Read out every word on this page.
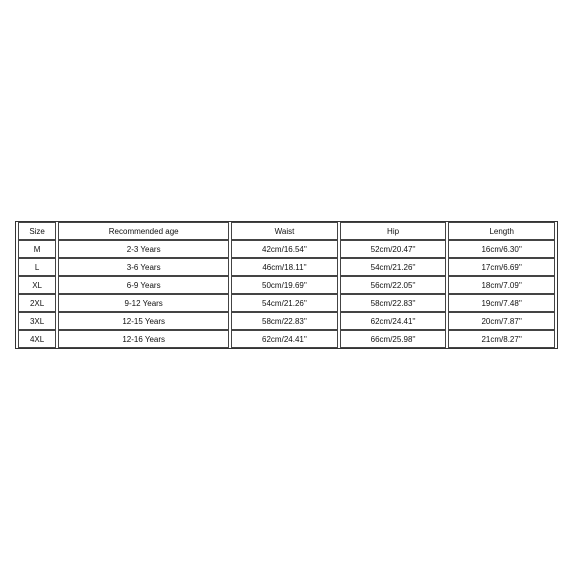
Size	Recommended age	Waist	Hip	Length
M	2-3 Years	42cm/16.54''	52cm/20.47''	16cm/6.30''
L	3-6 Years	46cm/18.11''	54cm/21.26''	17cm/6.69''
XL	6-9 Years	50cm/19.69''	56cm/22.05''	18cm/7.09''
2XL	9-12 Years	54cm/21.26''	58cm/22.83''	19cm/7.48''
3XL	12-15 Years	58cm/22.83''	62cm/24.41''	20cm/7.87''
4XL	12-16 Years	62cm/24.41''	66cm/25.98''	21cm/8.27''
